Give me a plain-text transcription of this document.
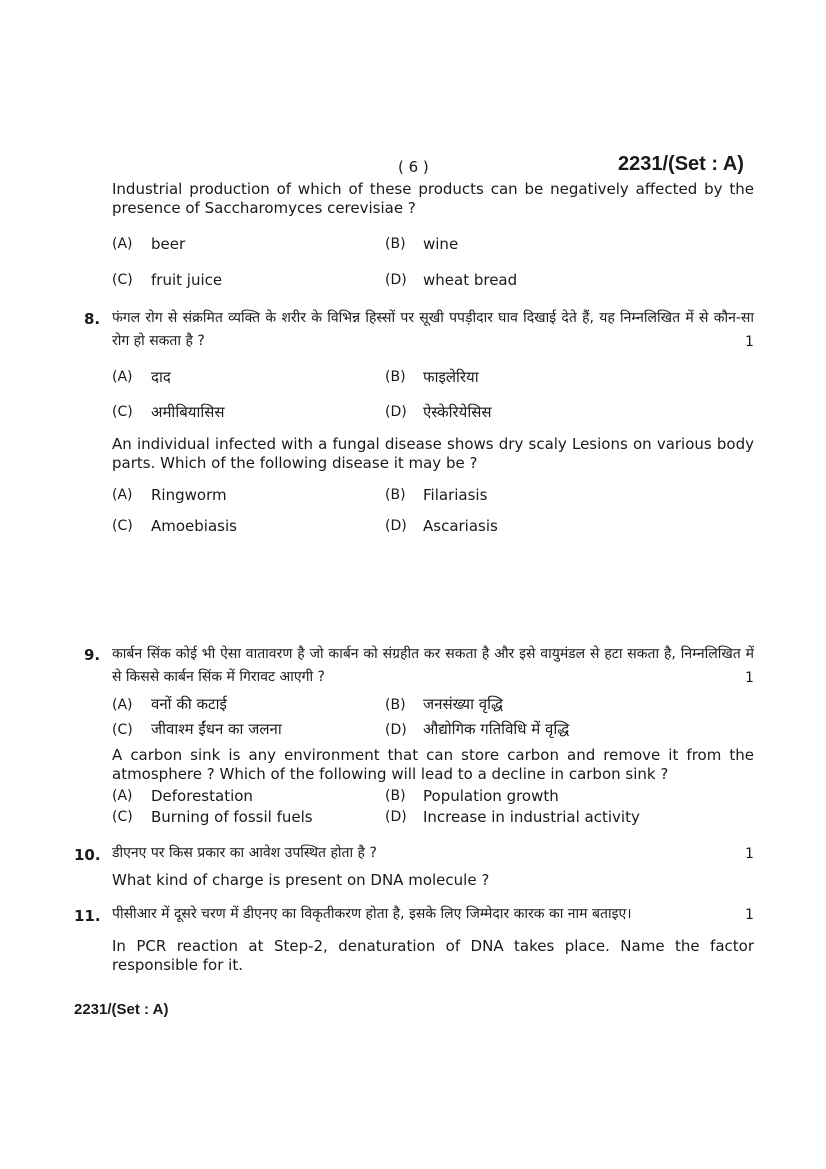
( 6 )	2231/(Set : A)
Industrial production of which of these products can be negatively affected by the presence of Saccharomyces cerevisiae ?
(A) beer	(B) wine
(C) fruit juice	(D) wheat bread
8. फंगल रोग से संक्रमित व्यक्ति के शरीर के विभिन्न हिस्सों पर सूखी पपड़ीदार घाव दिखाई देते हैं, यह निम्नलिखित में से कौन-सा रोग हो सकता है ?	1
(A) दाद	(B) फाइलेरिया
(C) अमीबियासिस	(D) ऐस्केरियेसिस
An individual infected with a fungal disease shows dry scaly Lesions on various body parts. Which of the following disease it may be ?
(A) Ringworm	(B) Filariasis
(C) Amoebiasis	(D) Ascariasis
9. कार्बन सिंक कोई भी ऐसा वातावरण है जो कार्बन को संग्रहीत कर सकता है और इसे वायुमंडल से हटा सकता है, निम्नलिखित में से किससे कार्बन सिंक में गिरावट आएगी ?	1
(A) वनों की कटाई	(B) जनसंख्या वृद्धि
(C) जीवाश्म ईंधन का जलना	(D) औद्योगिक गतिविधि में वृद्धि
A carbon sink is any environment that can store carbon and remove it from the atmosphere ? Which of the following will lead to a decline in carbon sink ?
(A) Deforestation	(B) Population growth
(C) Burning of fossil fuels	(D) Increase in industrial activity
10. डीएनए पर किस प्रकार का आवेश उपस्थित होता है ?	1
What kind of charge is present on DNA molecule ?
11. पीसीआर में दूसरे चरण में डीएनए का विकृतीकरण होता है, इसके लिए जिम्मेदार कारक का नाम बताइए।	1
In PCR reaction at Step-2, denaturation of DNA takes place. Name the factor responsible for it.
2231/(Set : A)
